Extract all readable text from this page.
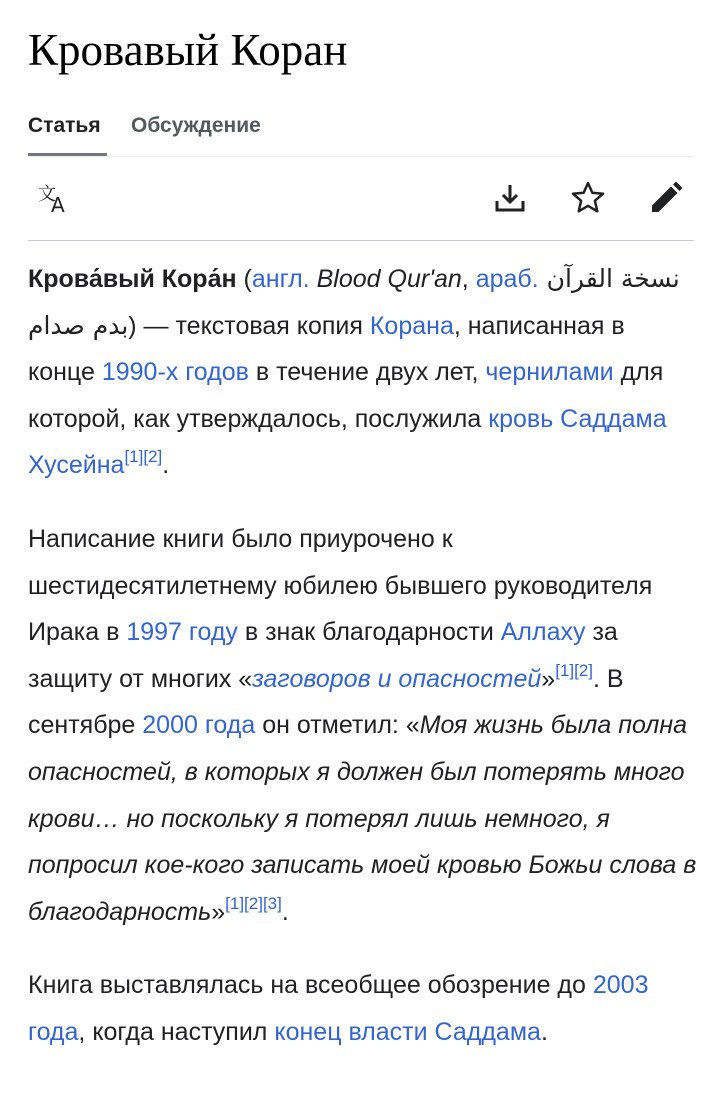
Кровавый Коран
Статья Обсуждение
文
A

Крова́вый Кора́н (англ. Blood Qur'an, араб. نسخة القرآن بدم صدام) — текстовая копия Корана, написанная в конце 1990-х годов в течение двух лет, чернилами для которой, как утверждалось, послужила кровь Саддама Хусейна[1][2].

Написание книги было приурочено к шестидесятилетнему юбилею бывшего руководителя Ирака в 1997 году в знак благодарности Аллаху за защиту от многих «заговоров и опасностей»[1][2]. В сентябре 2000 года он отметил: «Моя жизнь была полна опасностей, в которых я должен был потерять много крови… но поскольку я потерял лишь немного, я попросил кое-кого записать моей кровью Божьи слова в благодарность»[1][2][3].

Книга выставлялась на всеобщее обозрение до 2003 года, когда наступил конец власти Саддама.
